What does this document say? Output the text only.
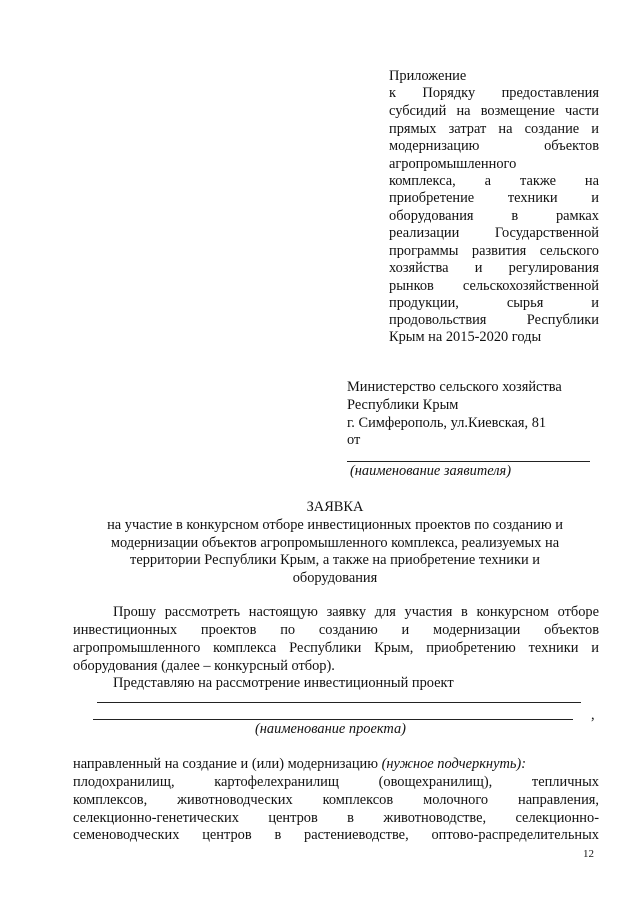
Приложение
к Порядку предоставления
субсидий на возмещение части
прямых затрат на создание и
модернизацию объектов
агропромышленного
комплекса, а также на
приобретение техники и
оборудования в рамках
реализации Государственной
программы развития сельского
хозяйства и регулирования
рынков сельскохозяйственной
продукции, сырья и
продовольствия Республики
Крым на 2015-2020 годы
Министерство сельского хозяйства
Республики Крым
г. Симферополь, ул.Киевская, 81
от
(наименование заявителя)
ЗАЯВКА
на участие в конкурсном отборе инвестиционных проектов по созданию и
модернизации объектов агропромышленного комплекса, реализуемых на
территории Республики Крым, а также на приобретение техники и
оборудования
Прошу рассмотреть настоящую заявку для участия в конкурсном отборе
инвестиционных проектов по созданию и модернизации объектов
агропромышленного комплекса Республики Крым, приобретению техники и
оборудования (далее – конкурсный отбор).
Представляю на рассмотрение инвестиционный проект
,
(наименование проекта)
направленный на создание и (или) модернизацию (нужное подчеркнуть):
плодохранилищ, картофелехранилищ (овощехранилищ), тепличных
комплексов, животноводческих комплексов молочного направления,
селекционно-генетических центров в животноводстве, селекционно-
семеноводческих центров в растениеводстве, оптово-распределительных
12
